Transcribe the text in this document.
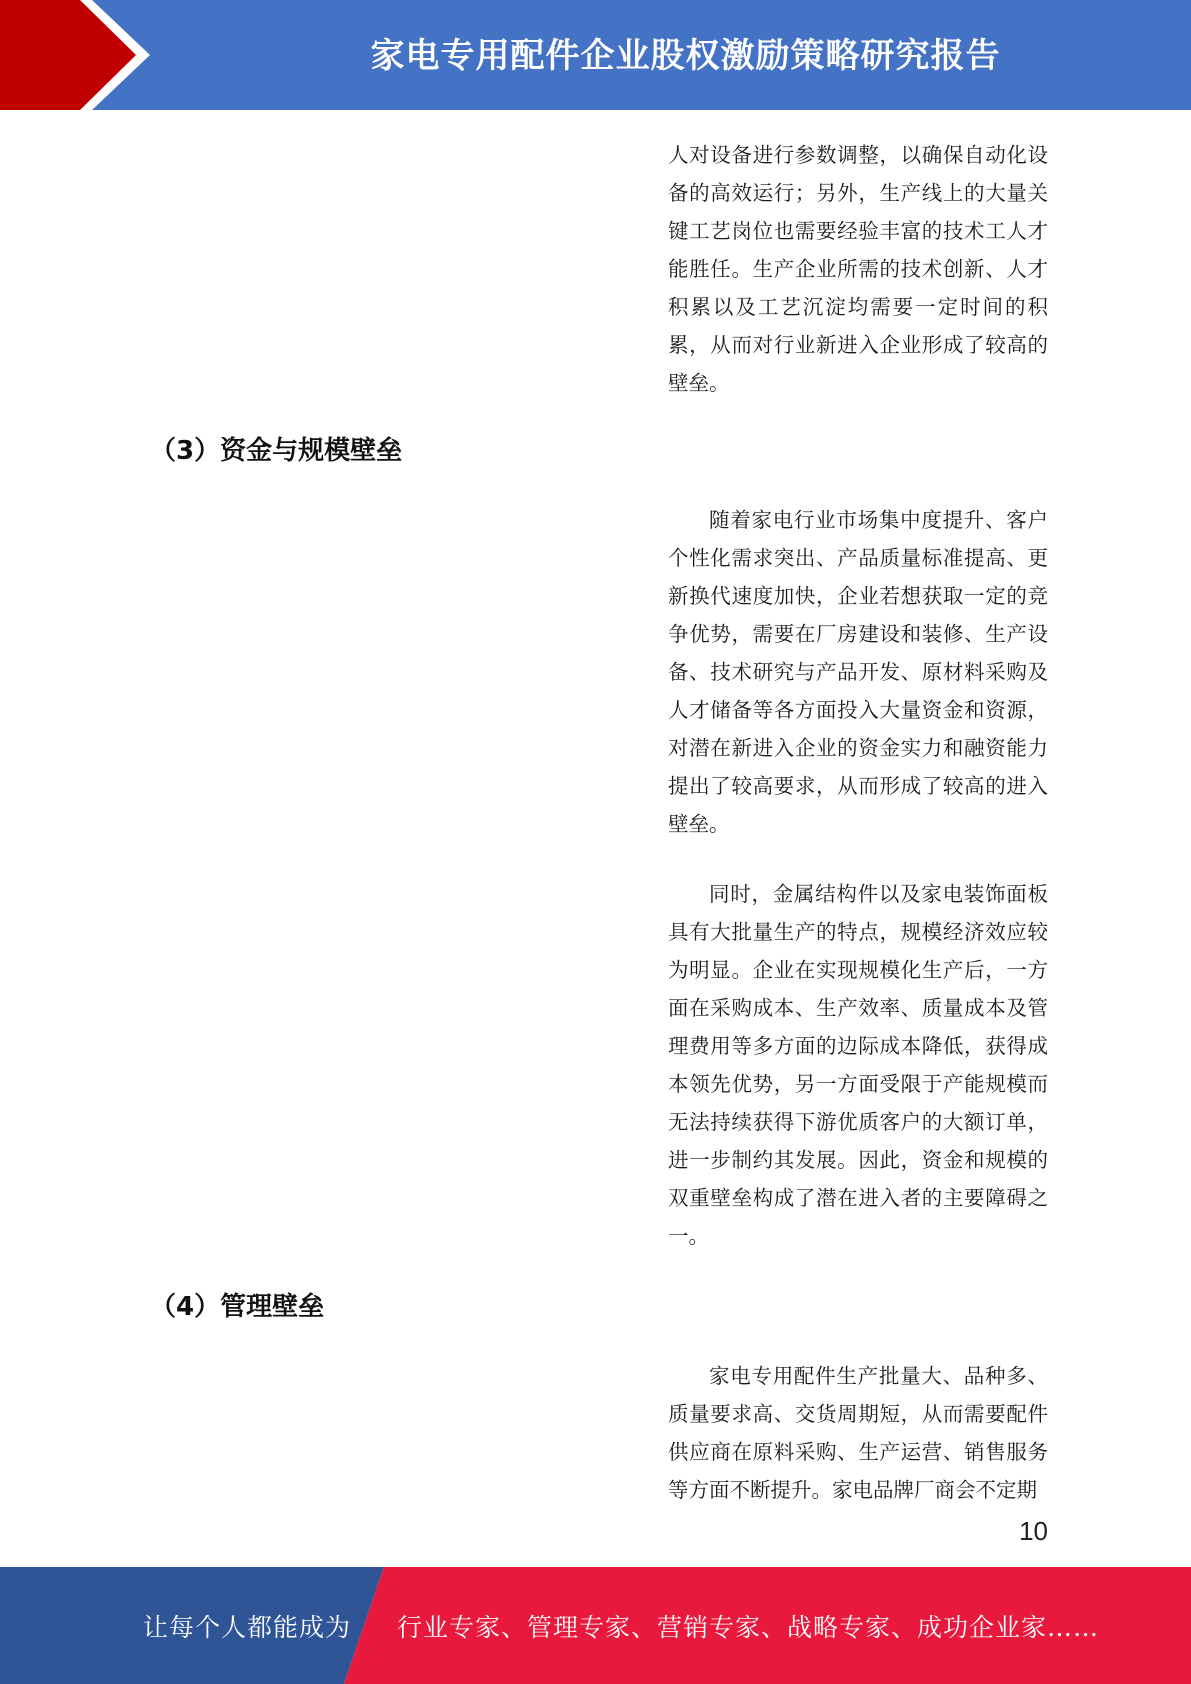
家电专用配件企业股权激励策略研究报告

人对设备进行参数调整，以确保自动化设备的高效运行；另外，生产线上的大量关键工艺岗位也需要经验丰富的技术工人才能胜任。生产企业所需的技术创新、人才积累以及工艺沉淀均需要一定时间的积累，从而对行业新进入企业形成了较高的壁垒。

（3）资金与规模壁垒

随着家电行业市场集中度提升、客户个性化需求突出、产品质量标准提高、更新换代速度加快，企业若想获取一定的竞争优势，需要在厂房建设和装修、生产设备、技术研究与产品开发、原材料采购及人才储备等各方面投入大量资金和资源，对潜在新进入企业的资金实力和融资能力提出了较高要求，从而形成了较高的进入壁垒。

同时，金属结构件以及家电装饰面板具有大批量生产的特点，规模经济效应较为明显。企业在实现规模化生产后，一方面在采购成本、生产效率、质量成本及管理费用等多方面的边际成本降低，获得成本领先优势，另一方面受限于产能规模而无法持续获得下游优质客户的大额订单，进一步制约其发展。因此，资金和规模的双重壁垒构成了潜在进入者的主要障碍之一。

（4）管理壁垒

家电专用配件生产批量大、品种多、质量要求高、交货周期短，从而需要配件供应商在原料采购、生产运营、销售服务等方面不断提升。家电品牌厂商会不定期

10
让每个人都能成为 行业专家、管理专家、营销专家、战略专家、成功企业家……
